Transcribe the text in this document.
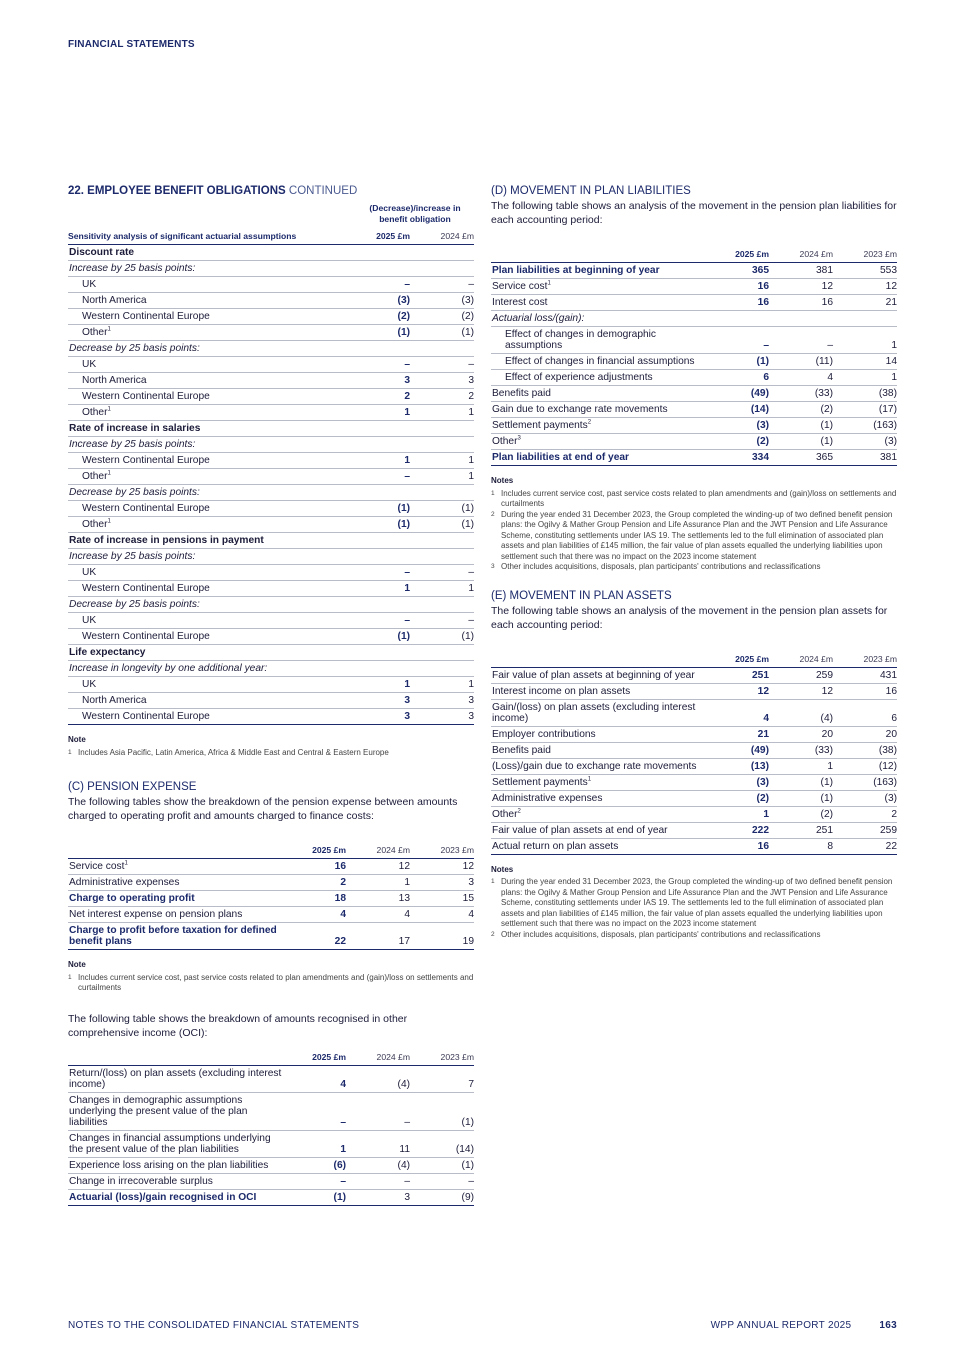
FINANCIAL STATEMENTS
22. EMPLOYEE BENEFIT OBLIGATIONS CONTINUED
	(Decrease)/increase in benefit obligation	
Sensitivity analysis of significant actuarial assumptions	2025 £m	2024 £m
Discount rate		
Increase by 25 basis points:		
UK	–	–
North America	(3)	(3)
Western Continental Europe	(2)	(2)
Other$^1$	(1)	(1)
Decrease by 25 basis points:		
UK	–	–
North America	3	3
Western Continental Europe	2	2
Other$^1$	1	1
Rate of increase in salaries		
Increase by 25 basis points:		
Western Continental Europe	1	1
Other$^1$	–	1
Decrease by 25 basis points:		
Western Continental Europe	(1)	(1)
Other$^1$	(1)	(1)
Rate of increase in pensions in payment		
Increase by 25 basis points:		
UK	–	–
Western Continental Europe	1	1
Decrease by 25 basis points:		
UK	–	–
Western Continental Europe	(1)	(1)
Life expectancy		
Increase in longevity by one additional year:		
UK	1	1
North America	3	3
Western Continental Europe	3	3
Note
1 Includes Asia Pacific, Latin America, Africa & Middle East and Central & Eastern Europe
(C) PENSION EXPENSE
The following tables show the breakdown of the pension expense between amounts charged to operating profit and amounts charged to finance costs:
	2025 £m	2024 £m	2023 £m
Service cost$^1$	16	12	12
Administrative expenses	2	1	3
Charge to operating profit	18	13	15
Net interest expense on pension plans	4	4	4
Charge to profit before taxation for defined benefit plans	22	17	19
Note
1 Includes current service cost, past service costs related to plan amendments and (gain)/loss on settlements and curtailments
The following table shows the breakdown of amounts recognised in other comprehensive income (OCI):
	2025 £m	2024 £m	2023 £m
Return/(loss) on plan assets (excluding interest income)	4	(4)	7
Changes in demographic assumptions underlying the present value of the plan liabilities	–	–	(1)
Changes in financial assumptions underlying the present value of the plan liabilities	1	11	(14)
Experience loss arising on the plan liabilities	(6)	(4)	(1)
Change in irrecoverable surplus	–	–	–
Actuarial (loss)/gain recognised in OCI	(1)	3	(9)
(D) MOVEMENT IN PLAN LIABILITIES
The following table shows an analysis of the movement in the pension plan liabilities for each accounting period:
	2025 £m	2024 £m	2023 £m
Plan liabilities at beginning of year	365	381	553
Service cost$^1$	16	12	12
Interest cost	16	16	21
Actuarial loss/(gain):			
Effect of changes in demographic assumptions	–	–	1
Effect of changes in financial assumptions	(1)	(11)	14
Effect of experience adjustments	6	4	1
Benefits paid	(49)	(33)	(38)
Gain due to exchange rate movements	(14)	(2)	(17)
Settlement payments$^2$	(3)	(1)	(163)
Other$^3$	(2)	(1)	(3)
Plan liabilities at end of year	334	365	381
Notes
1 Includes current service cost, past service costs related to plan amendments and (gain)/loss on settlements and curtailments
2 During the year ended 31 December 2023, the Group completed the winding-up of two defined benefit pension plans: the Ogilvy & Mather Group Pension and Life Assurance Plan and the JWT Pension and Life Assurance Scheme, constituting settlements under IAS 19. The settlements led to the full elimination of associated plan assets and plan liabilities of £145 million, the fair value of plan assets equalled the underlying liabilities upon settlement such that there was no impact on the 2023 income statement
3 Other includes acquisitions, disposals, plan participants' contributions and reclassifications
(E) MOVEMENT IN PLAN ASSETS
The following table shows an analysis of the movement in the pension plan assets for each accounting period:
	2025 £m	2024 £m	2023 £m
Fair value of plan assets at beginning of year	251	259	431
Interest income on plan assets	12	12	16
Gain/(loss) on plan assets (excluding interest income)	4	(4)	6
Employer contributions	21	20	20
Benefits paid	(49)	(33)	(38)
(Loss)/gain due to exchange rate movements	(13)	1	(12)
Settlement payments$^1$	(3)	(1)	(163)
Administrative expenses	(2)	(1)	(3)
Other$^2$	1	(2)	2
Fair value of plan assets at end of year	222	251	259
Actual return on plan assets	16	8	22
Notes
1 During the year ended 31 December 2023, the Group completed the winding-up of two defined benefit pension plans: the Ogilvy & Mather Group Pension and Life Assurance Plan and the JWT Pension and Life Assurance Scheme, constituting settlements under IAS 19. The settlements led to the full elimination of associated plan assets and plan liabilities of £145 million, the fair value of plan assets equalled the underlying liabilities upon settlement such that there was no impact on the 2023 income statement
2 Other includes acquisitions, disposals, plan participants' contributions and reclassifications
NOTES TO THE CONSOLIDATED FINANCIAL STATEMENTS	WPP ANNUAL REPORT 2025	163
